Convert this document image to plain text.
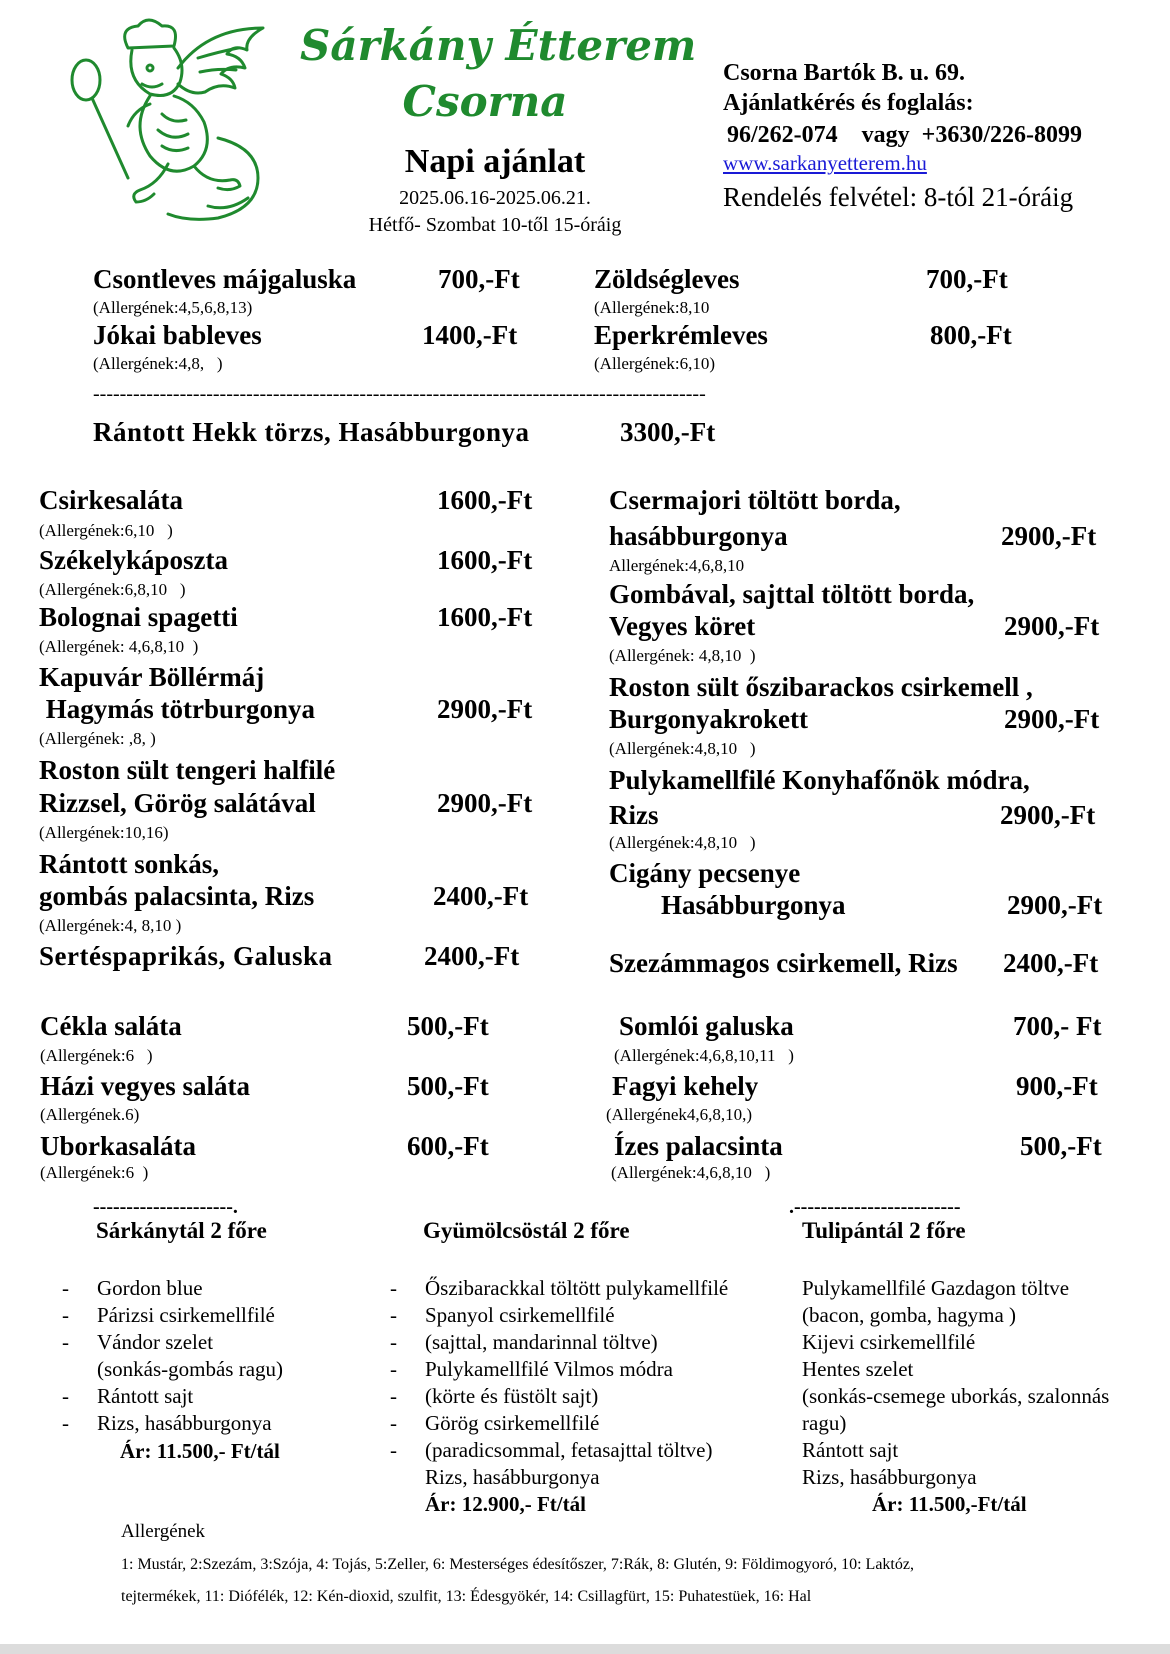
Sárkány Étterem
Csorna
Napi ajánlat
2025.06.16-2025.06.21.
Hétfő- Szombat 10-től 15-óráig
Csorna Bartók B. u. 69.
Ajánlatkérés és foglalás:
96/262-074    vagy  +3630/226-8099
www.sarkanyetterem.hu
Rendelés felvétel: 8-tól 21-óráig
Csontleves májgaluska	700,-Ft
(Allergének:4,5,6,8,13)
Zöldségleves	700,-Ft
(Allergének:8,10
Jókai bableves	1400,-Ft
(Allergének:4,8,   )
Eperkrémleves	800,-Ft
(Allergének:6,10)
--------------------------------------------------------------------------------------------
Rántott Hekk törzs, Hasábburgonya	3300,-Ft
Csirkesaláta	1600,-Ft
(Allergének:6,10   )
Székelykáposzta	1600,-Ft
(Allergének:6,8,10   )
Bolognai spagetti	1600,-Ft
(Allergének: 4,6,8,10  )
Kapuvár Böllérmáj
Hagymás tötrburgonya	2900,-Ft
(Allergének: ,8, )
Roston sült tengeri halfilé
Rizzsel, Görög salátával	2900,-Ft
(Allergének:10,16)
Rántott sonkás,
gombás palacsinta, Rizs	2400,-Ft
(Allergének:4, 8,10 )
Sertéspaprikás, Galuska	2400,-Ft
Csermajori töltött borda,
hasábburgonya	2900,-Ft
Allergének:4,6,8,10
Gombával, sajttal töltött borda,
Vegyes köret	2900,-Ft
(Allergének: 4,8,10  )
Roston sült őszibarackos csirkemell ,
Burgonyakrokett	2900,-Ft
(Allergének:4,8,10   )
Pulykamellfilé Konyhafőnök módra,
Rizs	2900,-Ft
(Allergének:4,8,10   )
Cigány pecsenye
Hasábburgonya	2900,-Ft
Szezámmagos csirkemell, Rizs 2400,-Ft
Cékla saláta	500,-Ft
(Allergének:6   )
Házi vegyes saláta	500,-Ft
(Allergének.6)
Uborkasaláta	600,-Ft
(Allergének:6  )
Somlói galuska	700,- Ft
(Allergének:4,6,8,10,11   )
Fagyi kehely	900,-Ft
(Allergének4,6,8,10,)
Ízes palacsinta	500,-Ft
(Allergének:4,6,8,10   )
---------------------.	.-------------------------
Sárkánytál 2 főre
- Gordon blue
- Párizsi csirkemellfilé
- Vándor szelet
(sonkás-gombás ragu)
- Rántott sajt
- Rizs, hasábburgonya
Ár: 11.500,- Ft/tál
Gyümölcsöstál 2 főre
- Őszibarackkal töltött pulykamellfilé
- Spanyol csirkemellfilé
- (sajttal, mandarinnal töltve)
- Pulykamellfilé Vilmos módra
- (körte és füstölt sajt)
- Görög csirkemellfilé
- (paradicsommal, fetasajttal töltve)
Rizs, hasábburgonya
Ár: 12.900,- Ft/tál
Tulipántál 2 főre
Pulykamellfilé Gazdagon töltve
(bacon, gomba, hagyma )
Kijevi csirkemellfilé
Hentes szelet
(sonkás-csemege uborkás, szalonnás
ragu)
Rántott sajt
Rizs, hasábburgonya
Ár: 11.500,-Ft/tál
Allergének
1: Mustár, 2:Szezám, 3:Szója, 4: Tojás, 5:Zeller, 6: Mesterséges édesítőszer, 7:Rák, 8: Glutén, 9: Földimogyoró, 10: Laktóz,
tejtermékek, 11: Diófélék, 12: Kén-dioxid, szulfit, 13: Édesgyökér, 14: Csillagfürt, 15: Puhatestüek, 16: Hal
